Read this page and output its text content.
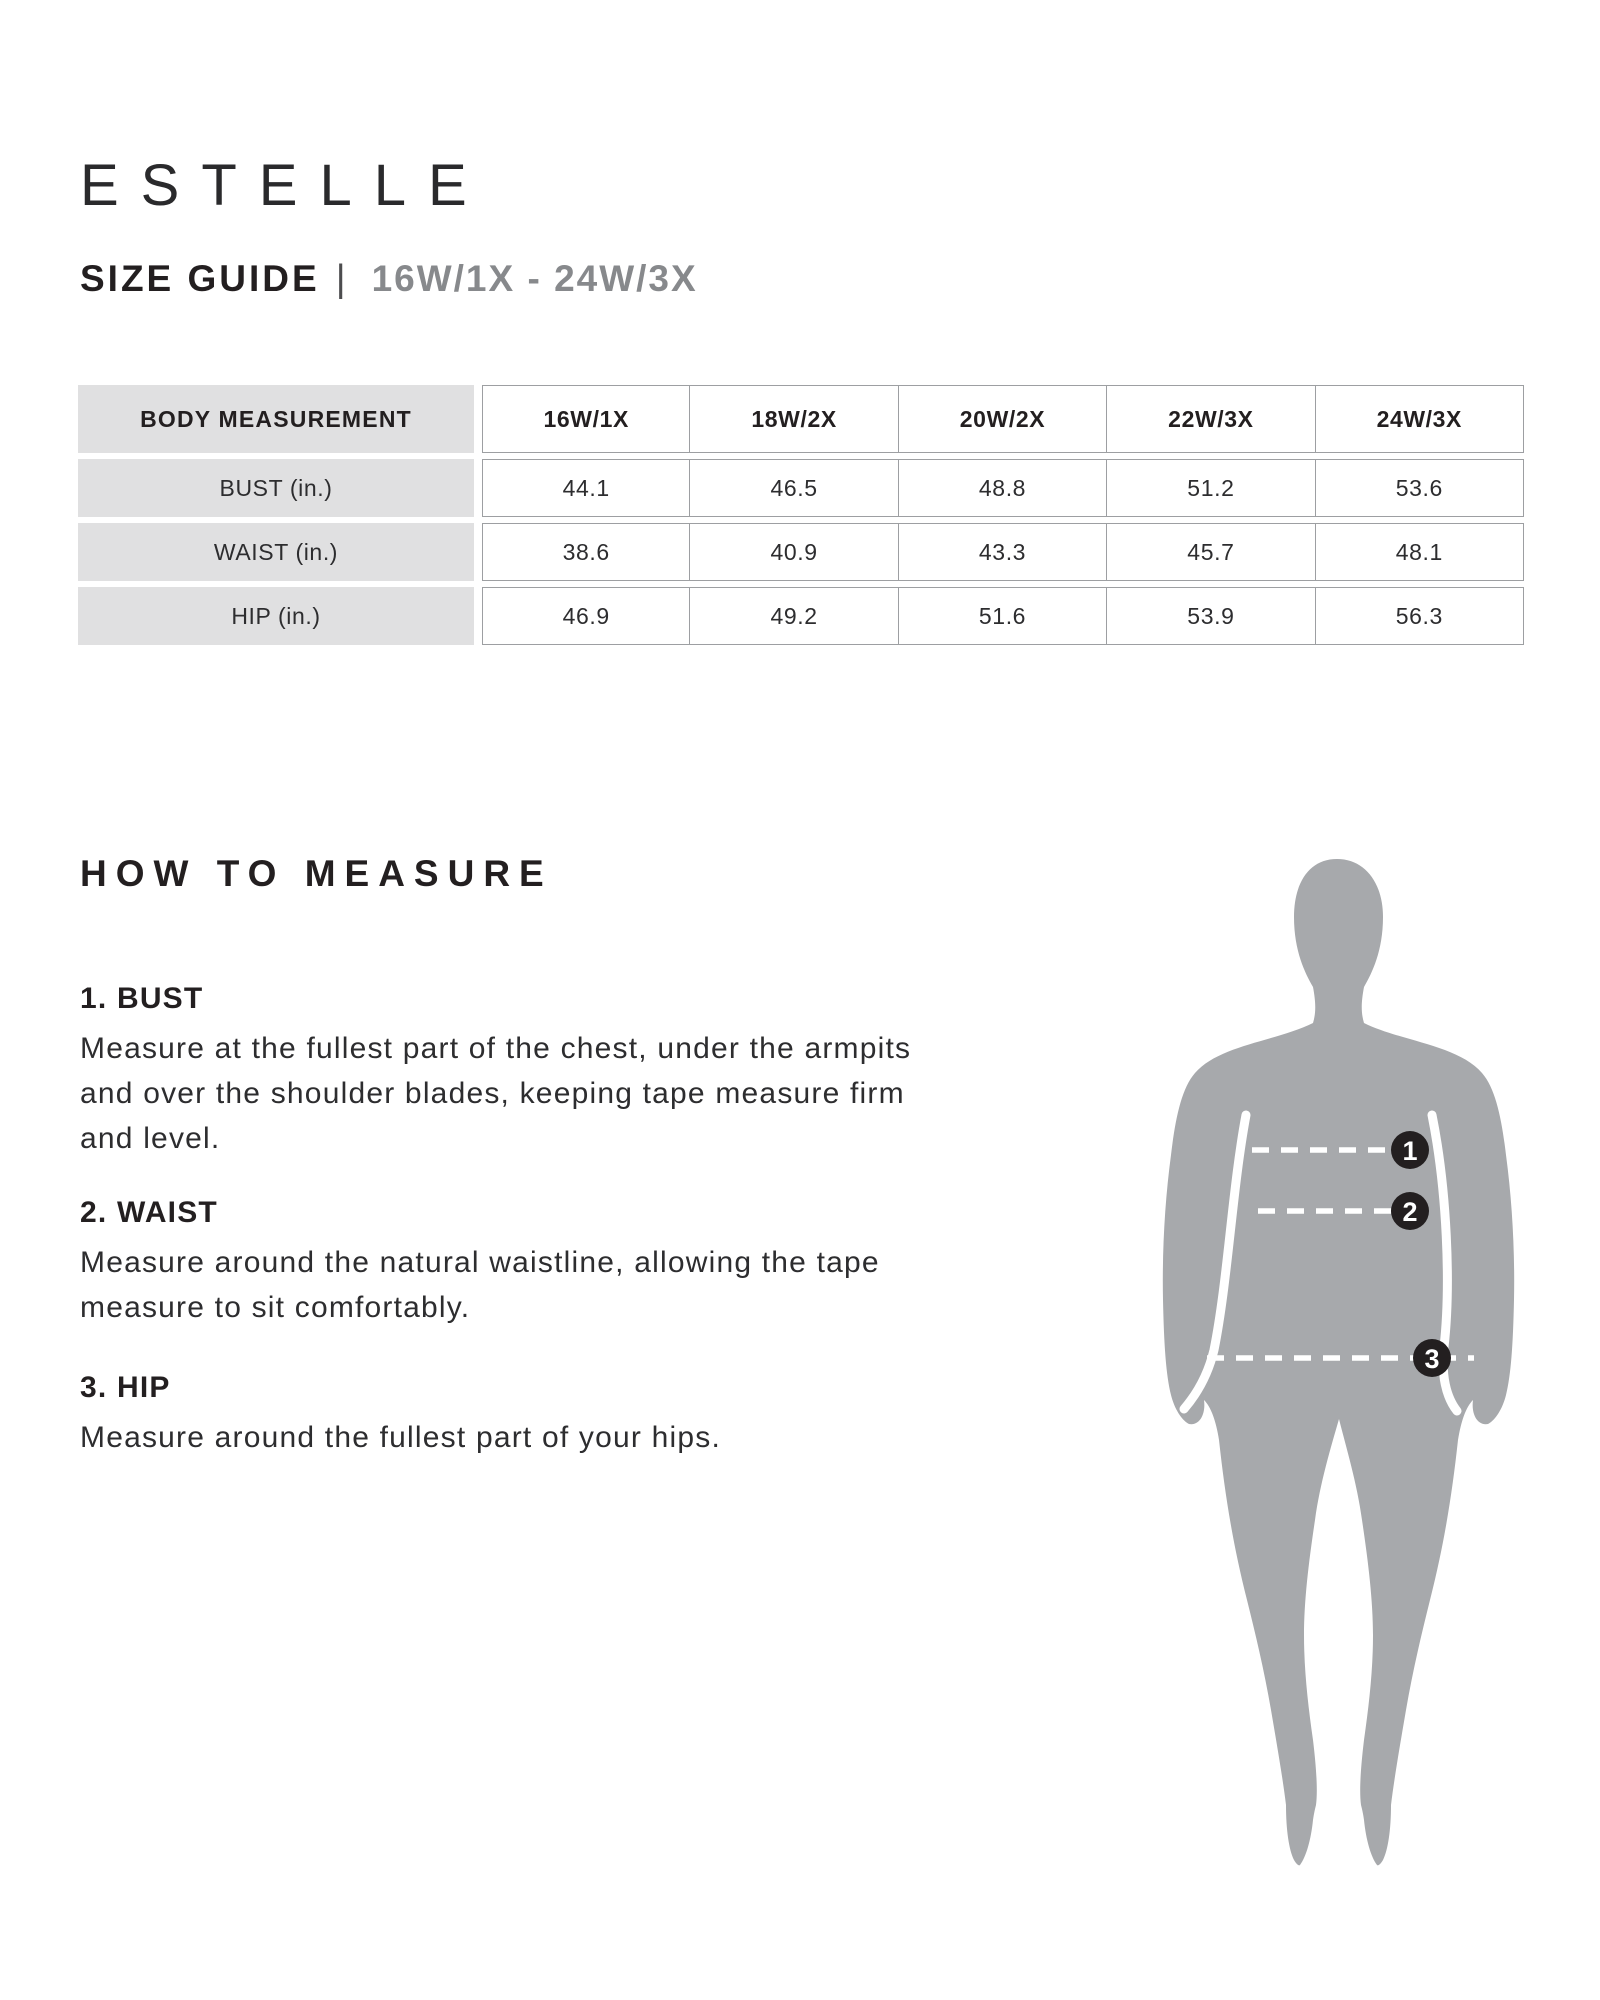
ESTELLE
SIZE GUIDE | 16W/1X - 24W/3X
BODY MEASUREMENT	16W/1X	18W/2X	20W/2X	22W/3X	24W/3X
BUST (in.)	44.1	46.5	48.8	51.2	53.6
WAIST (in.)	38.6	40.9	43.3	45.7	48.1
HIP (in.)	46.9	49.2	51.6	53.9	56.3
HOW TO MEASURE
1. BUST
Measure at the fullest part of the chest, under the armpits
and over the shoulder blades, keeping tape measure firm
and level.
2. WAIST
Measure around the natural waistline, allowing the tape
measure to sit comfortably.
3. HIP
Measure around the fullest part of your hips.
1
2
3
